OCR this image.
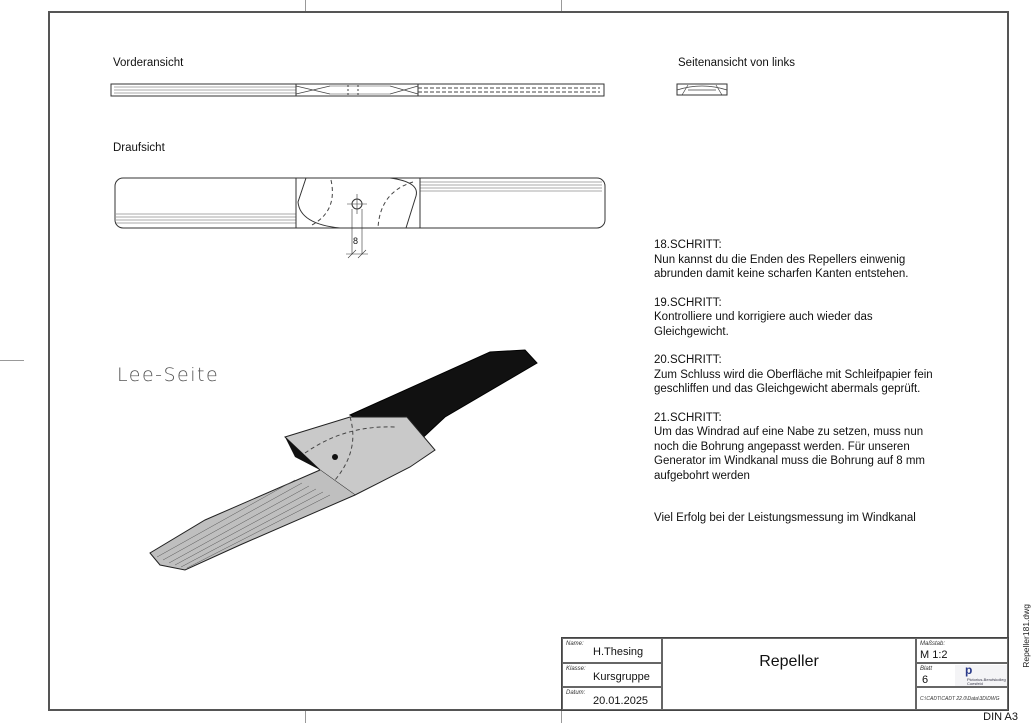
Vorderansicht	Seitenansicht von links
Draufsicht
8
Lee-Seite
18.SCHRITT:
Nun kannst du die Enden des Repellers einwenig abrunden damit keine scharfen Kanten entstehen.
19.SCHRITT:
Kontrolliere und korrigiere auch wieder das Gleichgewicht.
20.SCHRITT:
Zum Schluss wird die Oberfläche mit Schleifpapier fein geschliffen und das Gleichgewicht abermals geprüft.
21.SCHRITT:
Um das Windrad auf eine Nabe zu setzen, muss nun noch die Bohrung angepasst werden. Für unseren Generator im Windkanal muss die Bohrung auf 8 mm aufgebohrt werden
Viel Erfolg bei der Leistungsmessung im Windkanal
Name:
H.Thesing
Klasse:
Kursgruppe
Datum:
20.01.2025
Repeller
Maßstab:
M 1:2
Blatt
6
p
Pictorius-Berufskolleg
Coesfeld
C:\CADT\CADT 22.0\Data\3D\DWG
Repeller181.dwg
DIN A3
